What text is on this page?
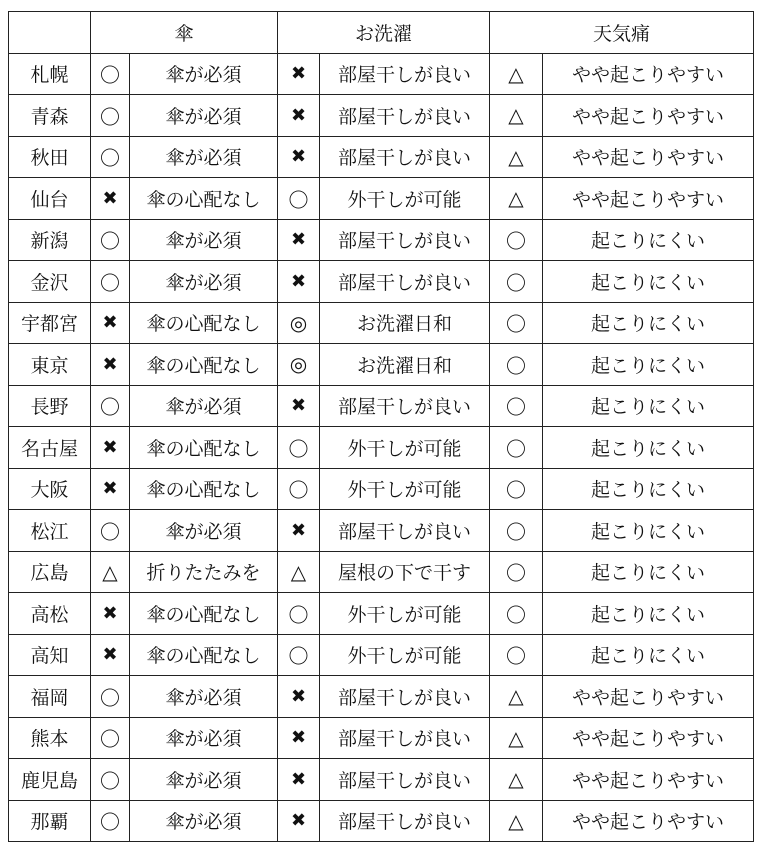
	傘		お洗濯		天気痛	
札幌	〇	傘が必須	✖	部屋干しが良い	△	やや起こりやすい
青森	〇	傘が必須	✖	部屋干しが良い	△	やや起こりやすい
秋田	〇	傘が必須	✖	部屋干しが良い	△	やや起こりやすい
仙台	✖	傘の心配なし	〇	外干しが可能	△	やや起こりやすい
新潟	〇	傘が必須	✖	部屋干しが良い	〇	起こりにくい
金沢	〇	傘が必須	✖	部屋干しが良い	〇	起こりにくい
宇都宮	✖	傘の心配なし	◎	お洗濯日和	〇	起こりにくい
東京	✖	傘の心配なし	◎	お洗濯日和	〇	起こりにくい
長野	〇	傘が必須	✖	部屋干しが良い	〇	起こりにくい
名古屋	✖	傘の心配なし	〇	外干しが可能	〇	起こりにくい
大阪	✖	傘の心配なし	〇	外干しが可能	〇	起こりにくい
松江	〇	傘が必須	✖	部屋干しが良い	〇	起こりにくい
広島	△	折りたたみを	△	屋根の下で干す	〇	起こりにくい
高松	✖	傘の心配なし	〇	外干しが可能	〇	起こりにくい
高知	✖	傘の心配なし	〇	外干しが可能	〇	起こりにくい
福岡	〇	傘が必須	✖	部屋干しが良い	△	やや起こりやすい
熊本	〇	傘が必須	✖	部屋干しが良い	△	やや起こりやすい
鹿児島	〇	傘が必須	✖	部屋干しが良い	△	やや起こりやすい
那覇	〇	傘が必須	✖	部屋干しが良い	△	やや起こりやすい
